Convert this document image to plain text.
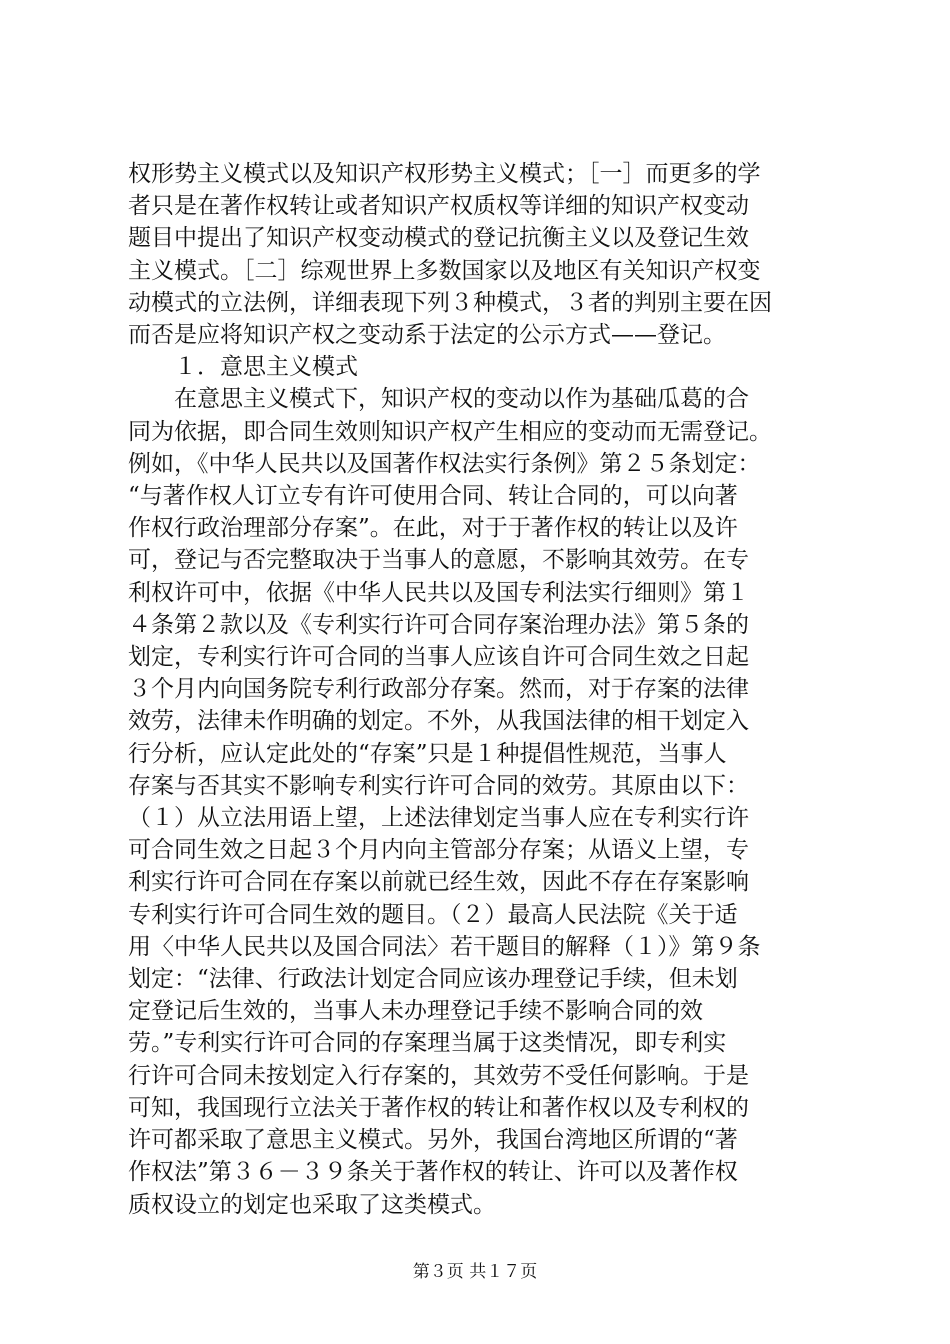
权形势主义模式以及知识产权形势主义模式；［一］而更多的学
者只是在著作权转让或者知识产权质权等详细的知识产权变动
题目中提出了知识产权变动模式的登记抗衡主义以及登记生效
主义模式。［二］综观世界上多数国家以及地区有关知识产权变
动模式的立法例，详细表现下列３种模式，３者的判别主要在因
而否是应将知识产权之变动系于法定的公示方式——登记。
１．意思主义模式
在意思主义模式下，知识产权的变动以作为基础瓜葛的合
同为依据，即合同生效则知识产权产生相应的变动而无需登记。
例如，《中华人民共以及国著作权法实行条例》第２５条划定：
“与著作权人订立专有许可使用合同、转让合同的，可以向著
作权行政治理部分存案”。在此，对于于著作权的转让以及许
可，登记与否完整取决于当事人的意愿，不影响其效劳。在专
利权许可中，依据《中华人民共以及国专利法实行细则》第１
４条第２款以及《专利实行许可合同存案治理办法》第５条的
划定，专利实行许可合同的当事人应该自许可合同生效之日起
３个月内向国务院专利行政部分存案。然而，对于存案的法律
效劳，法律未作明确的划定。不外，从我国法律的相干划定入
行分析，应认定此处的“存案”只是１种提倡性规范，当事人
存案与否其实不影响专利实行许可合同的效劳。其原由以下：
（１）从立法用语上望，上述法律划定当事人应在专利实行许
可合同生效之日起３个月内向主管部分存案；从语义上望，专
利实行许可合同在存案以前就已经生效，因此不存在存案影响
专利实行许可合同生效的题目。（２）最高人民法院《关于适
用〈中华人民共以及国合同法〉若干题目的解释（１）》第９条
划定：“法律、行政法计划定合同应该办理登记手续，但未划
定登记后生效的，当事人未办理登记手续不影响合同的效
劳。”专利实行许可合同的存案理当属于这类情况，即专利实
行许可合同未按划定入行存案的，其效劳不受任何影响。于是
可知，我国现行立法关于著作权的转让和著作权以及专利权的
许可都采取了意思主义模式。另外，我国台湾地区所谓的“著
作权法”第３６－３９条关于著作权的转让、许可以及著作权
质权设立的划定也采取了这类模式。
第３页 共１７页
